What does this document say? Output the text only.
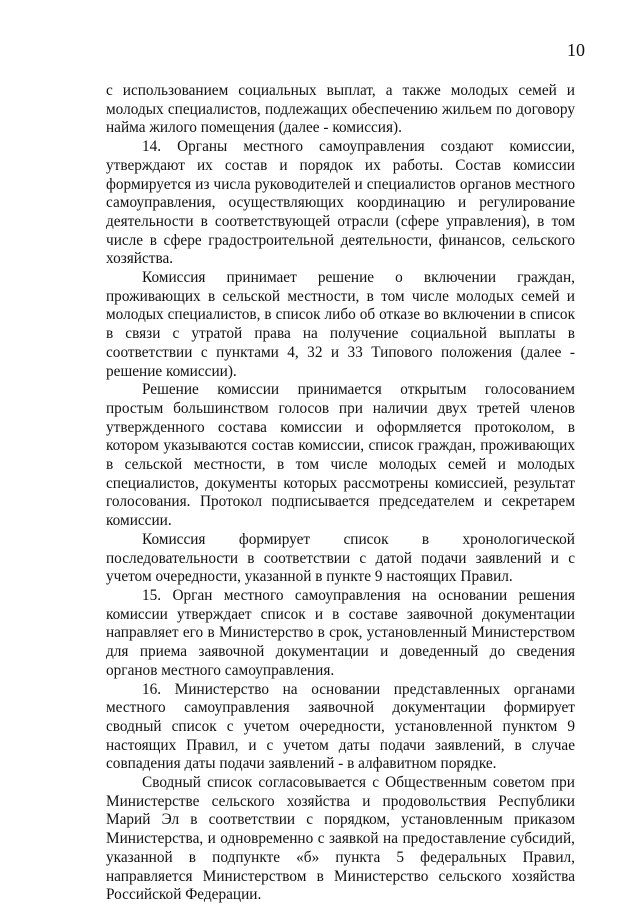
10

с использованием социальных выплат, а также молодых семей и молодых специалистов, подлежащих обеспечению жильем по договору найма жилого помещения (далее - комиссия).

14. Органы местного самоуправления создают комиссии, утверждают их состав и порядок их работы. Состав комиссии формируется из числа руководителей и специалистов органов местного самоуправления, осуществляющих координацию и регулирование деятельности в соответствующей отрасли (сфере управления), в том числе в сфере градостроительной деятельности, финансов, сельского хозяйства.

Комиссия принимает решение о включении граждан, проживающих в сельской местности, в том числе молодых семей и молодых специалистов, в список либо об отказе во включении в список в связи с утратой права на получение социальной выплаты в соответствии с пунктами 4, 32 и 33 Типового положения (далее - решение комиссии).

Решение комиссии принимается открытым голосованием простым большинством голосов при наличии двух третей членов утвержденного состава комиссии и оформляется протоколом, в котором указываются состав комиссии, список граждан, проживающих в сельской местности, в том числе молодых семей и молодых специалистов, документы которых рассмотрены комиссией, результат голосования. Протокол подписывается председателем и секретарем комиссии.

Комиссия формирует список в хронологической последовательности в соответствии с датой подачи заявлений и с учетом очередности, указанной в пункте 9 настоящих Правил.

15. Орган местного самоуправления на основании решения комиссии утверждает список и в составе заявочной документации направляет его в Министерство в срок, установленный Министерством для приема заявочной документации и доведенный до сведения органов местного самоуправления.

16. Министерство на основании представленных органами местного самоуправления заявочной документации формирует сводный список с учетом очередности, установленной пунктом 9 настоящих Правил, и с учетом даты подачи заявлений, в случае совпадения даты подачи заявлений - в алфавитном порядке.

Сводный список согласовывается с Общественным советом при Министерстве сельского хозяйства и продовольствия Республики Марий Эл в соответствии с порядком, установленным приказом Министерства, и одновременно с заявкой на предоставление субсидий, указанной в подпункте «б» пункта 5 федеральных Правил, направляется Министерством в Министерство сельского хозяйства Российской Федерации.
